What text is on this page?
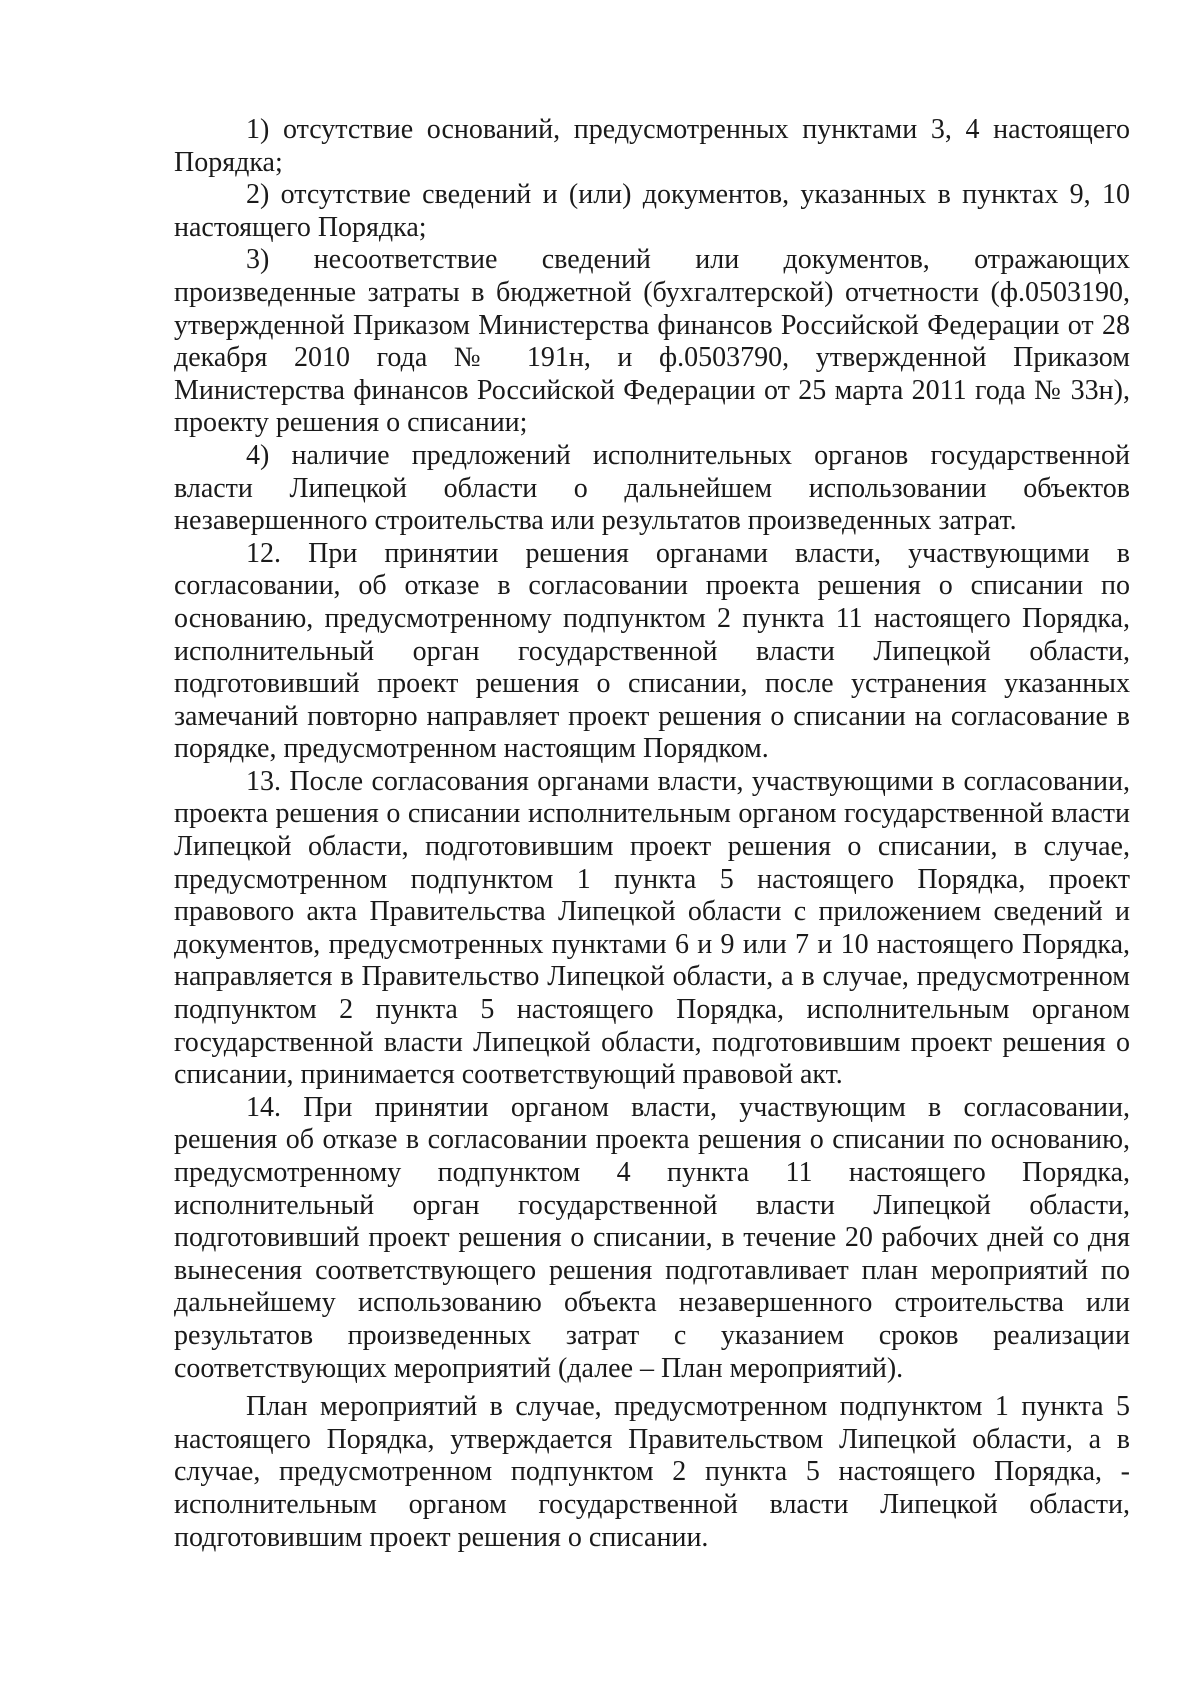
1) отсутствие оснований, предусмотренных пунктами 3, 4 настоящего Порядка;

2) отсутствие сведений и (или) документов, указанных в пунктах 9, 10 настоящего Порядка;

3) несоответствие сведений или документов, отражающих произведенные затраты в бюджетной (бухгалтерской) отчетности (ф.0503190, утвержденной Приказом Министерства финансов Российской Федерации от 28 декабря 2010 года № 191н, и ф.0503790, утвержденной Приказом Министерства финансов Российской Федерации от 25 марта 2011 года № 33н), проекту решения о списании;

4) наличие предложений исполнительных органов государственной власти Липецкой области о дальнейшем использовании объектов незавершенного строительства или результатов произведенных затрат.

12. При принятии решения органами власти, участвующими в согласовании, об отказе в согласовании проекта решения о списании по основанию, предусмотренному подпунктом 2 пункта 11 настоящего Порядка, исполнительный орган государственной власти Липецкой области, подготовивший проект решения о списании, после устранения указанных замечаний повторно направляет проект решения о списании на согласование в порядке, предусмотренном настоящим Порядком.

13. После согласования органами власти, участвующими в согласовании, проекта решения о списании исполнительным органом государственной власти Липецкой области, подготовившим проект решения о списании, в случае, предусмотренном подпунктом 1 пункта 5 настоящего Порядка, проект правового акта Правительства Липецкой области с приложением сведений и документов, предусмотренных пунктами 6 и 9 или 7 и 10 настоящего Порядка, направляется в Правительство Липецкой области, а в случае, предусмотренном подпунктом 2 пункта 5 настоящего Порядка, исполнительным органом государственной власти Липецкой области, подготовившим проект решения о списании, принимается соответствующий правовой акт.

14. При принятии органом власти, участвующим в согласовании, решения об отказе в согласовании проекта решения о списании по основанию, предусмотренному подпунктом 4 пункта 11 настоящего Порядка, исполнительный орган государственной власти Липецкой области, подготовивший проект решения о списании, в течение 20 рабочих дней со дня вынесения соответствующего решения подготавливает план мероприятий по дальнейшему использованию объекта незавершенного строительства или результатов произведенных затрат с указанием сроков реализации соответствующих мероприятий (далее – План мероприятий).

План мероприятий в случае, предусмотренном подпунктом 1 пункта 5 настоящего Порядка, утверждается Правительством Липецкой области, а в случае, предусмотренном подпунктом 2 пункта 5 настоящего Порядка, - исполнительным органом государственной власти Липецкой области, подготовившим проект решения о списании.
